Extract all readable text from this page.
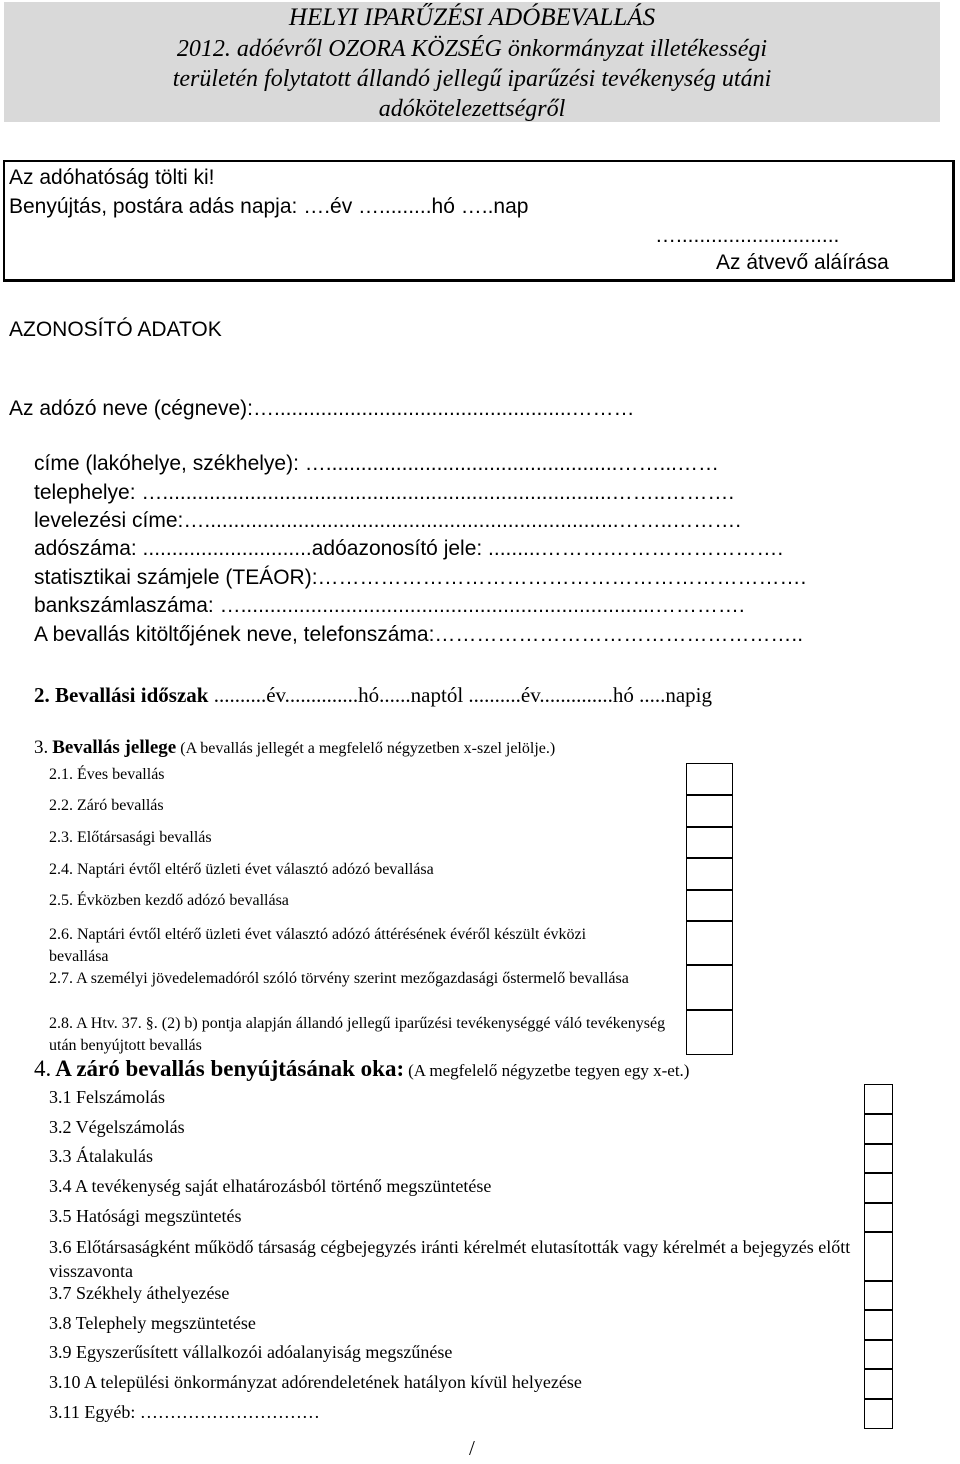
HELYI IPARŰZÉSI ADÓBEVALLÁS
2012. adóévről OZORA KÖZSÉG önkormányzat illetékességi
területén folytatott állandó jellegű iparűzési tevékenység utáni
adókötelezettségről
Az adóhatóság tölti ki!
Benyújtás, postára adás napja: ….év ….........hó …..nap
…............................
Az átvevő aláírása
AZONOSÍTÓ ADATOK
Az adózó neve (cégneve):…...................................................………
címe (lakóhelye, székhelye): …..................................................……...……
telephelye: ….............................................................................……..……….
levelezési címe:….......................................................................……..……….
adószáma: .............................adóazonosító jele: .........……….…………………….
statisztikai számjele (TEÁOR):…………………………………………………………….
bankszámlaszáma: ….......................................................................………….
A bevallás kitöltőjének neve, telefonszáma:……………………………………………..
2. Bevallási időszak ..........év..............hó......naptól ..........év..............hó .....napig
3. Bevallás jellege (A bevallás jellegét a megfelelő négyzetben x-szel jelölje.)
2.1. Éves bevallás
2.2. Záró bevallás
2.3. Előtársasági bevallás
2.4. Naptári évtől eltérő üzleti évet választó adózó bevallása
2.5. Évközben kezdő adózó bevallása
2.6. Naptári évtől eltérő üzleti évet választó adózó áttérésének évéről készült évközi bevallása
2.7. A személyi jövedelemadóról szóló törvény szerint mezőgazdasági őstermelő bevallása
2.8. A Htv. 37. §. (2) b) pontja alapján állandó jellegű iparűzési tevékenységgé váló tevékenység után benyújtott bevallás
4. A záró bevallás benyújtásának oka: (A megfelelő négyzetbe tegyen egy x-et.)
3.1 Felszámolás
3.2 Végelszámolás
3.3 Átalakulás
3.4 A tevékenység saját elhatározásból történő megszüntetése
3.5 Hatósági megszüntetés
3.6 Előtársaságként működő társaság cégbejegyzés iránti kérelmét elutasították vagy kérelmét a bejegyzés előtt visszavonta
3.7 Székhely áthelyezése
3.8 Telephely megszüntetése
3.9 Egyszerűsített vállalkozói adóalanyiság megszűnése
3.10 A települési önkormányzat adórendeletének hatályon kívül helyezése
3.11 Egyéb: …………………………
/
